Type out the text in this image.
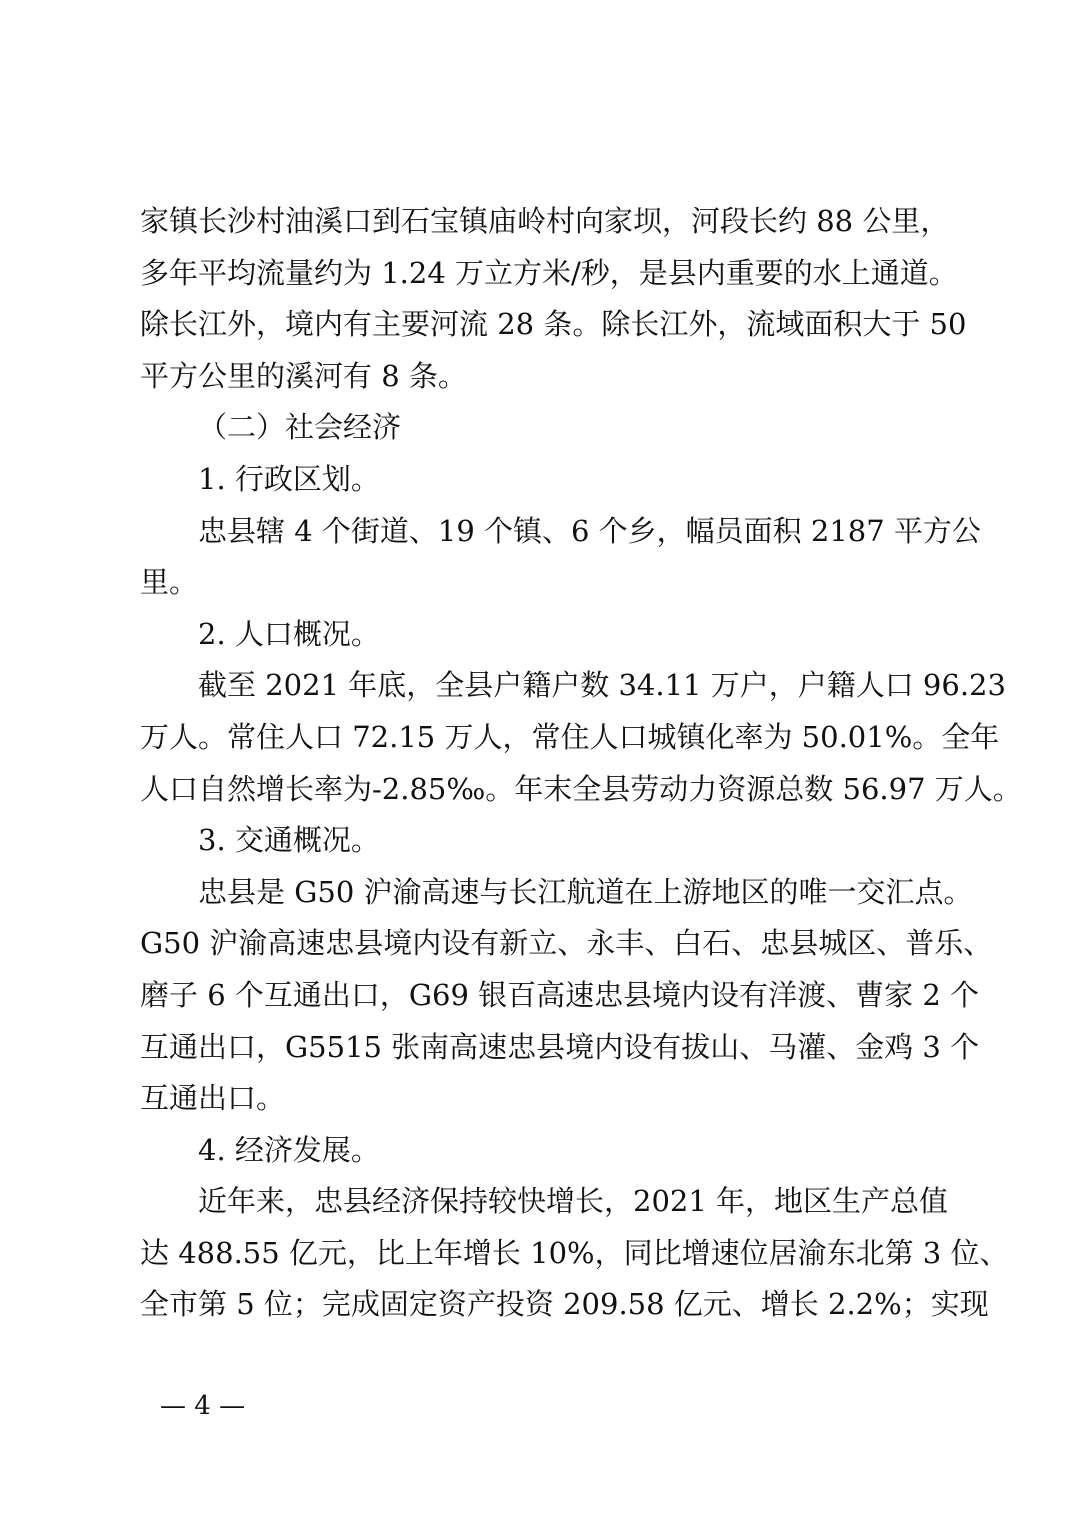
家镇长沙村油溪口到石宝镇庙岭村向家坝，河段长约 88 公里，
多年平均流量约为 1.24 万立方米/秒，是县内重要的水上通道。
除长江外，境内有主要河流 28 条。除长江外，流域面积大于 50
平方公里的溪河有 8 条。
（二）社会经济
1. 行政区划。
忠县辖 4 个街道、19 个镇、6 个乡，幅员面积 2187 平方公
里。
2. 人口概况。
截至 2021 年底，全县户籍户数 34.11 万户，户籍人口 96.23
万人。常住人口 72.15 万人，常住人口城镇化率为 50.01%。全年
人口自然增长率为-2.85‰。年末全县劳动力资源总数 56.97 万人。
3. 交通概况。
忠县是 G50 沪渝高速与长江航道在上游地区的唯一交汇点。
G50 沪渝高速忠县境内设有新立、永丰、白石、忠县城区、普乐、
磨子 6 个互通出口，G69 银百高速忠县境内设有洋渡、曹家 2 个
互通出口，G5515 张南高速忠县境内设有拔山、马灌、金鸡 3 个
互通出口。
4. 经济发展。
近年来，忠县经济保持较快增长，2021 年，地区生产总值
达 488.55 亿元，比上年增长 10%，同比增速位居渝东北第 3 位、
全市第 5 位；完成固定资产投资 209.58 亿元、增长 2.2%；实现
— 4 —
